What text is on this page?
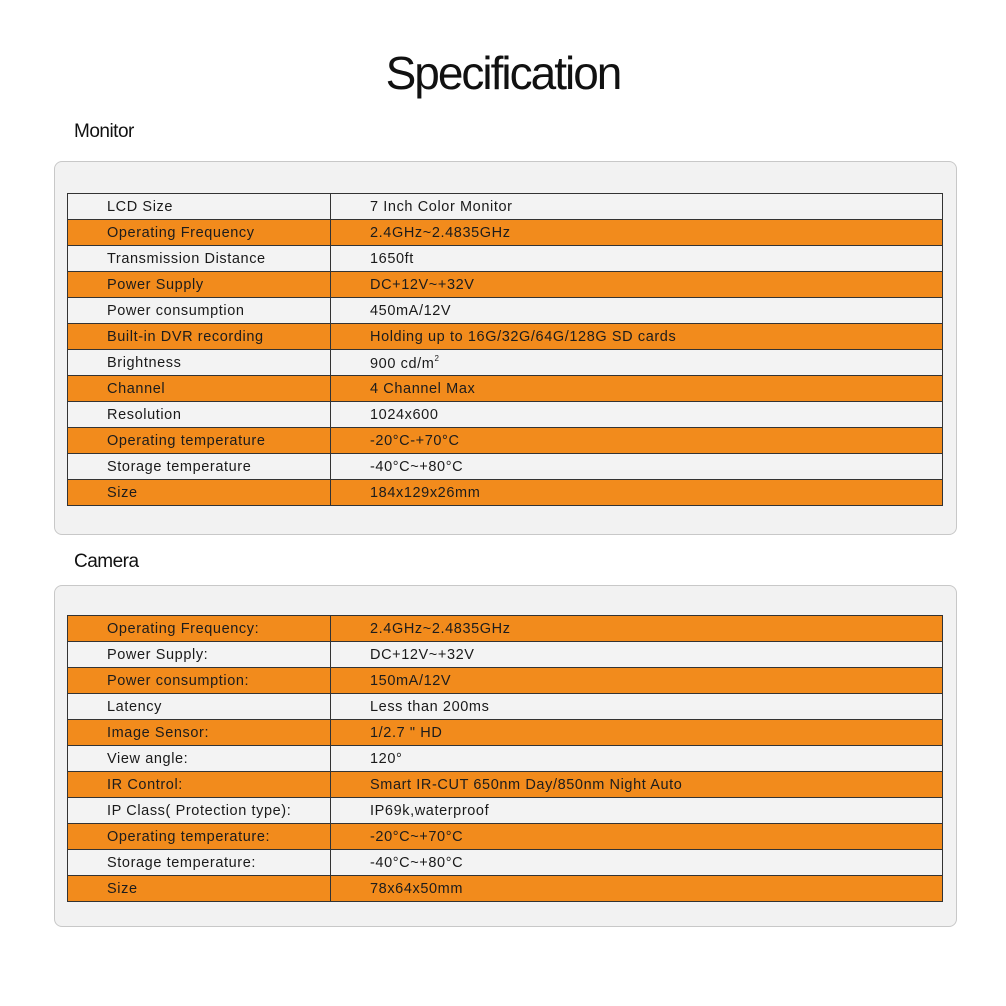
Specification
Monitor
LCD Size	7 Inch Color Monitor
Operating Frequency	2.4GHz~2.4835GHz
Transmission Distance	1650ft
Power Supply	DC+12V~+32V
Power consumption	450mA/12V
Built-in DVR recording	Holding up to 16G/32G/64G/128G SD cards
Brightness	900 $cd/m^2$
Channel	4 Channel Max
Resolution	1024x600
Operating temperature	-20°C-+70°C
Storage temperature	-40°C~+80°C
Size	184x129x26mm
Camera
Operating Frequency:	2.4GHz~2.4835GHz
Power Supply:	DC+12V~+32V
Power consumption:	150mA/12V
Latency	Less than 200ms
Image Sensor:	1/2.7 " HD
View angle:	120°
IR Control:	Smart IR-CUT 650nm Day/850nm Night Auto
IP Class( Protection type):	IP69k,waterproof
Operating temperature:	-20°C~+70°C
Storage temperature:	-40°C~+80°C
Size	78x64x50mm
